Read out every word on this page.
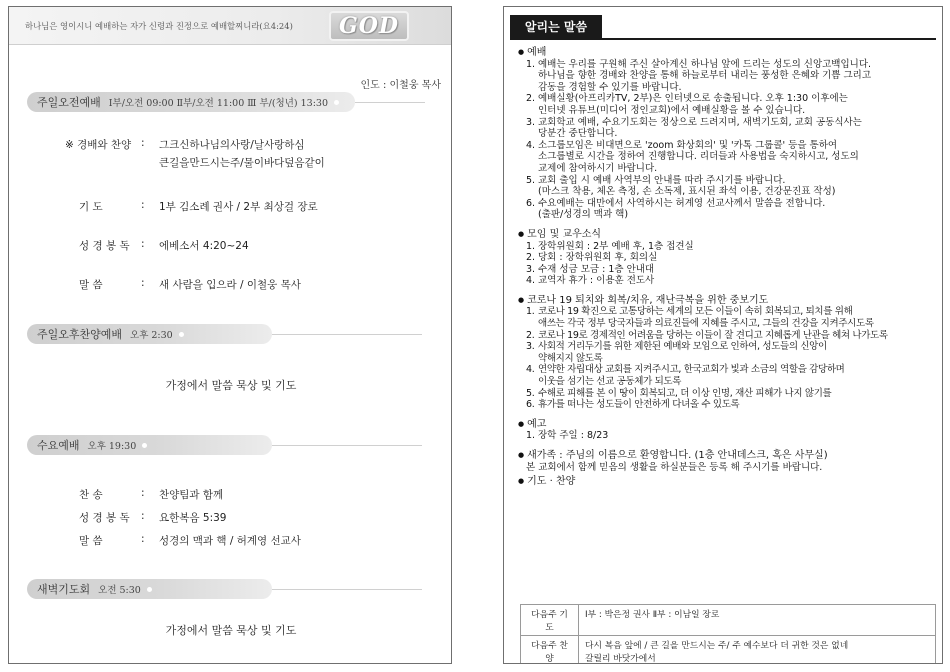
하나님은 영이시니 예배하는 자가 신령과 진정으로 예배할찌니라(요4:24)	GOD
인도 : 이철웅 목사
주일오전예배 Ⅰ부/오전 09:00 Ⅱ부/오전 11:00 Ⅲ 부/(청년) 13:30
※ 경배와 찬양 : 그크신하나님의사랑/날사랑하심
큰길을만드시는주/물이바다덮음같이
기 도	: 1부 김소례 권사 / 2부 최상걸 장로
성 경 봉 독 : 에베소서 4:20~24
말 씀	: 새 사람을 입으라 / 이철웅 목사
주일오후찬양예배 오후 2:30
가정에서 말씀 묵상 및 기도
수요예배 오후 19:30
찬 송	: 찬양팀과 함께
성 경 봉 독 : 요한복음 5:39
말 씀	: 성경의 맥과 핵 / 허계영 선교사
새벽기도회 오전 5:30
가정에서 말씀 묵상 및 기도
알리는 말씀
● 예배
1. 예배는 우리를 구원해 주신 살아계신 하나님 앞에 드리는 성도의 신앙고백입니다.
하나님을 향한 경배와 찬양을 통해 하늘로부터 내리는 풍성한 은혜와 기쁨 그리고
감동을 경험할 수 있기를 바랍니다.
2. 예배실황(아프리카TV, 2부)은 인터넷으로 송출됩니다. 오후 1:30 이후에는
인터넷 유튜브(미디어 정인교회)에서 예배실황을 볼 수 있습니다.
3. 교회학교 예배, 수요기도회는 정상으로 드려지며, 새벽기도회, 교회 공동식사는
당분간 중단합니다.
4. 소그룹모임은 비대면으로 'zoom 화상회의' 및 '카톡 그룹콜' 등을 통하여
소그룹별로 시간을 정하여 진행합니다. 리더들과 사용법을 숙지하시고, 성도의
교제에 참여하시기 바랍니다.
5. 교회 출입 시 예배 사역부의 안내를 따라 주시기를 바랍니다.
(마스크 착용, 체온 측정, 손 소독제, 표시된 좌석 이용, 건강문진표 작성)
6. 수요예배는 대만에서 사역하시는 허계영 선교사께서 말씀을 전합니다.
(출판/성경의 맥과 핵)
● 모임 및 교우소식
1. 장학위원회 : 2부 예배 후, 1층 접견실
2. 당회 : 장학위원회 후, 회의실
3. 수재 성금 모금 : 1층 안내대
4. 교역자 휴가 : 이용훈 전도사
● 코로나 19 퇴치와 회복/치유, 재난극복을 위한 중보기도
1. 코로나 19 확진으로 고통당하는 세계의 모든 이들이 속히 회복되고, 퇴치를 위해
애쓰는 각국 정부 당국자들과 의료진들에 지혜를 주시고, 그들의 건강을 지켜주시도록
2. 코로나 19로 경제적인 어려움을 당하는 이들이 잘 견디고 지혜롭게 난관을 헤쳐 나가도록
3. 사회적 거리두기를 위한 제한된 예배와 모임으로 인하여, 성도들의 신앙이
약해지지 않도록
4. 연약한 자립대상 교회를 지켜주시고, 한국교회가 빛과 소금의 역할을 감당하며
이웃을 섬기는 선교 공동체가 되도록
5. 수해로 피해를 본 이 땅이 회복되고, 더 이상 인명, 재산 피해가 나지 않기를
6. 휴가를 떠나는 성도들이 안전하게 다녀올 수 있도록
● 예고
1. 장학 주일 : 8/23
● 새가족 : 주님의 이름으로 환영합니다. (1층 안내데스크, 혹은 사무실)
본 교회에서 함께 믿음의 생활을 하실분들은 등록 해 주시기를 바랍니다.
● 기도 · 찬양
다음주 기도	Ⅰ부 : 박은정 권사 Ⅱ부 : 이남일 장로
다음주 찬양	다시 복음 앞에 / 큰 길을 만드시는 주/ 주 예수보다 더 귀한 것은 없네
갈릴리 바닷가에서
